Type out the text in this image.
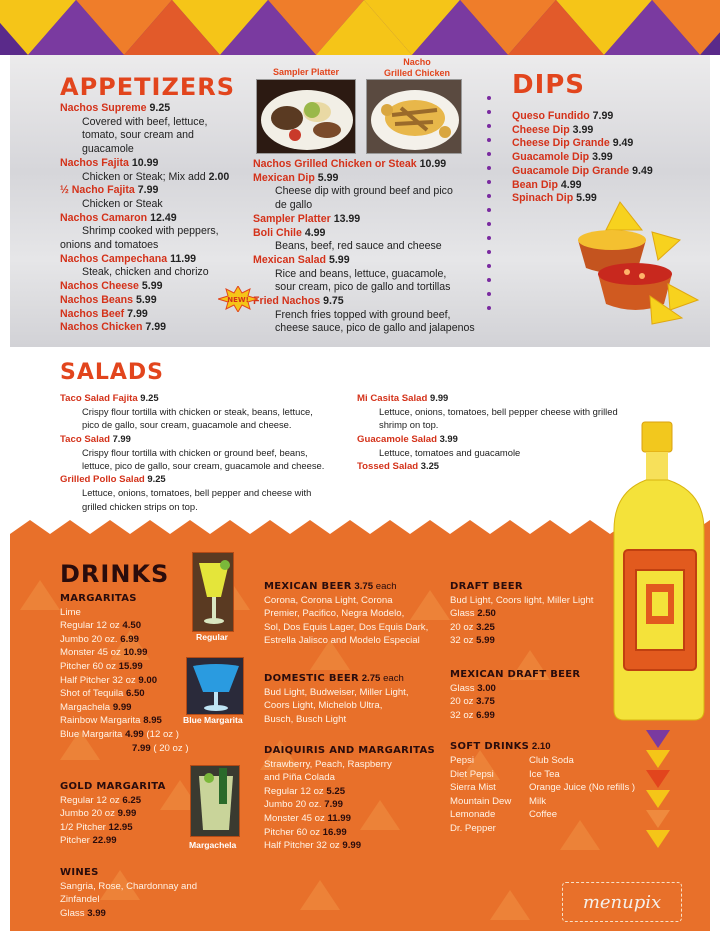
APPETIZERS
Sampler Platter
Nacho
Grilled Chicken
Nachos Supreme 9.25
Covered with beef, lettuce,
tomato, sour cream and
guacamole
Nachos Fajita 10.99
Chicken or Steak; Mix add 2.00
½ Nacho Fajita 7.99
Chicken or Steak
Nachos Camaron 12.49
Shrimp cooked with peppers,
onions and tomatoes
Nachos Campechana 11.99
Steak, chicken and chorizo
Nachos Cheese 5.99
Nachos Beans 5.99
Nachos Beef 7.99
Nachos Chicken 7.99
Nachos Grilled Chicken or Steak 10.99
Mexican Dip 5.99
Cheese dip with ground beef and pico
de gallo
Sampler Platter 13.99
Boli Chile 4.99
Beans, beef, red sauce and cheese
Mexican Salad 5.99
Rice and beans, lettuce, guacamole,
sour cream, pico de gallo and tortillas
Fried Nachos 9.75
French fries topped with ground beef,
cheese sauce, pico de gallo and jalapenos
NEW!
DIPS
Queso Fundido 7.99
Cheese Dip 3.99
Cheese Dip Grande 9.49
Guacamole Dip 3.99
Guacamole Dip Grande 9.49
Bean Dip 4.99
Spinach Dip 5.99
SALADS
Taco Salad Fajita 9.25
Crispy flour tortilla with chicken or steak, beans, lettuce,
pico de gallo, sour cream, guacamole and cheese.
Taco Salad 7.99
Crispy flour tortilla with chicken or ground beef, beans,
lettuce, pico de gallo, sour cream, guacamole and cheese.
Grilled Pollo Salad 9.25
Lettuce, onions, tomatoes, bell pepper and cheese with
grilled chicken strips on top.
Mi Casita Salad 9.99
Lettuce, onions, tomatoes, bell pepper cheese with grilled
shrimp on top.
Guacamole Salad 3.99
Lettuce, tomatoes and guacamole
Tossed Salad 3.25
DRINKS
Regular
Blue Margarita
Margachela
MARGARITAS
Lime
Regular 12 oz 4.50
Jumbo 20 oz. 6.99
Monster 45 oz 10.99
Pitcher 60 oz 15.99
Half Pitcher 32 oz 9.00
Shot of Tequila 6.50
Margachela 9.99
Rainbow Margarita 8.95
Blue Margarita 4.99 (12 oz )
7.99 ( 20 oz )
GOLD MARGARITA
Regular 12 oz 6.25
Jumbo 20 oz 9.99
1/2 Pitcher 12.95
Pitcher 22.99
WINES
Sangria, Rose, Chardonnay and
Zinfandel
Glass 3.99
MEXICAN BEER 3.75 each
Corona, Corona Light, Corona
Premier, Pacifico, Negra Modelo,
Sol, Dos Equis Lager, Dos Equis Dark,
Estrella Jalisco and Modelo Especial
DOMESTIC BEER 2.75 each
Bud Light, Budweiser, Miller Light,
Coors Light, Michelob Ultra,
Busch, Busch Light
DAIQUIRIS AND MARGARITAS
Strawberry, Peach, Raspberry
and Piña Colada
Regular 12 oz 5.25
Jumbo 20 oz. 7.99
Monster 45 oz 11.99
Pitcher 60 oz 16.99
Half Pitcher 32 oz 9.99
DRAFT BEER
Bud Light, Coors light, Miller Light
Glass 2.50
20 oz 3.25
32 oz 5.99
MEXICAN DRAFT BEER
Glass 3.00
20 oz 3.75
32 oz 6.99
SOFT DRINKS 2.10
Pepsi
Diet Pepsi
Sierra Mist
Mountain Dew
Lemonade
Dr. Pepper
Club Soda
Ice Tea
Orange Juice (No refills )
Milk
Coffee
menupix
